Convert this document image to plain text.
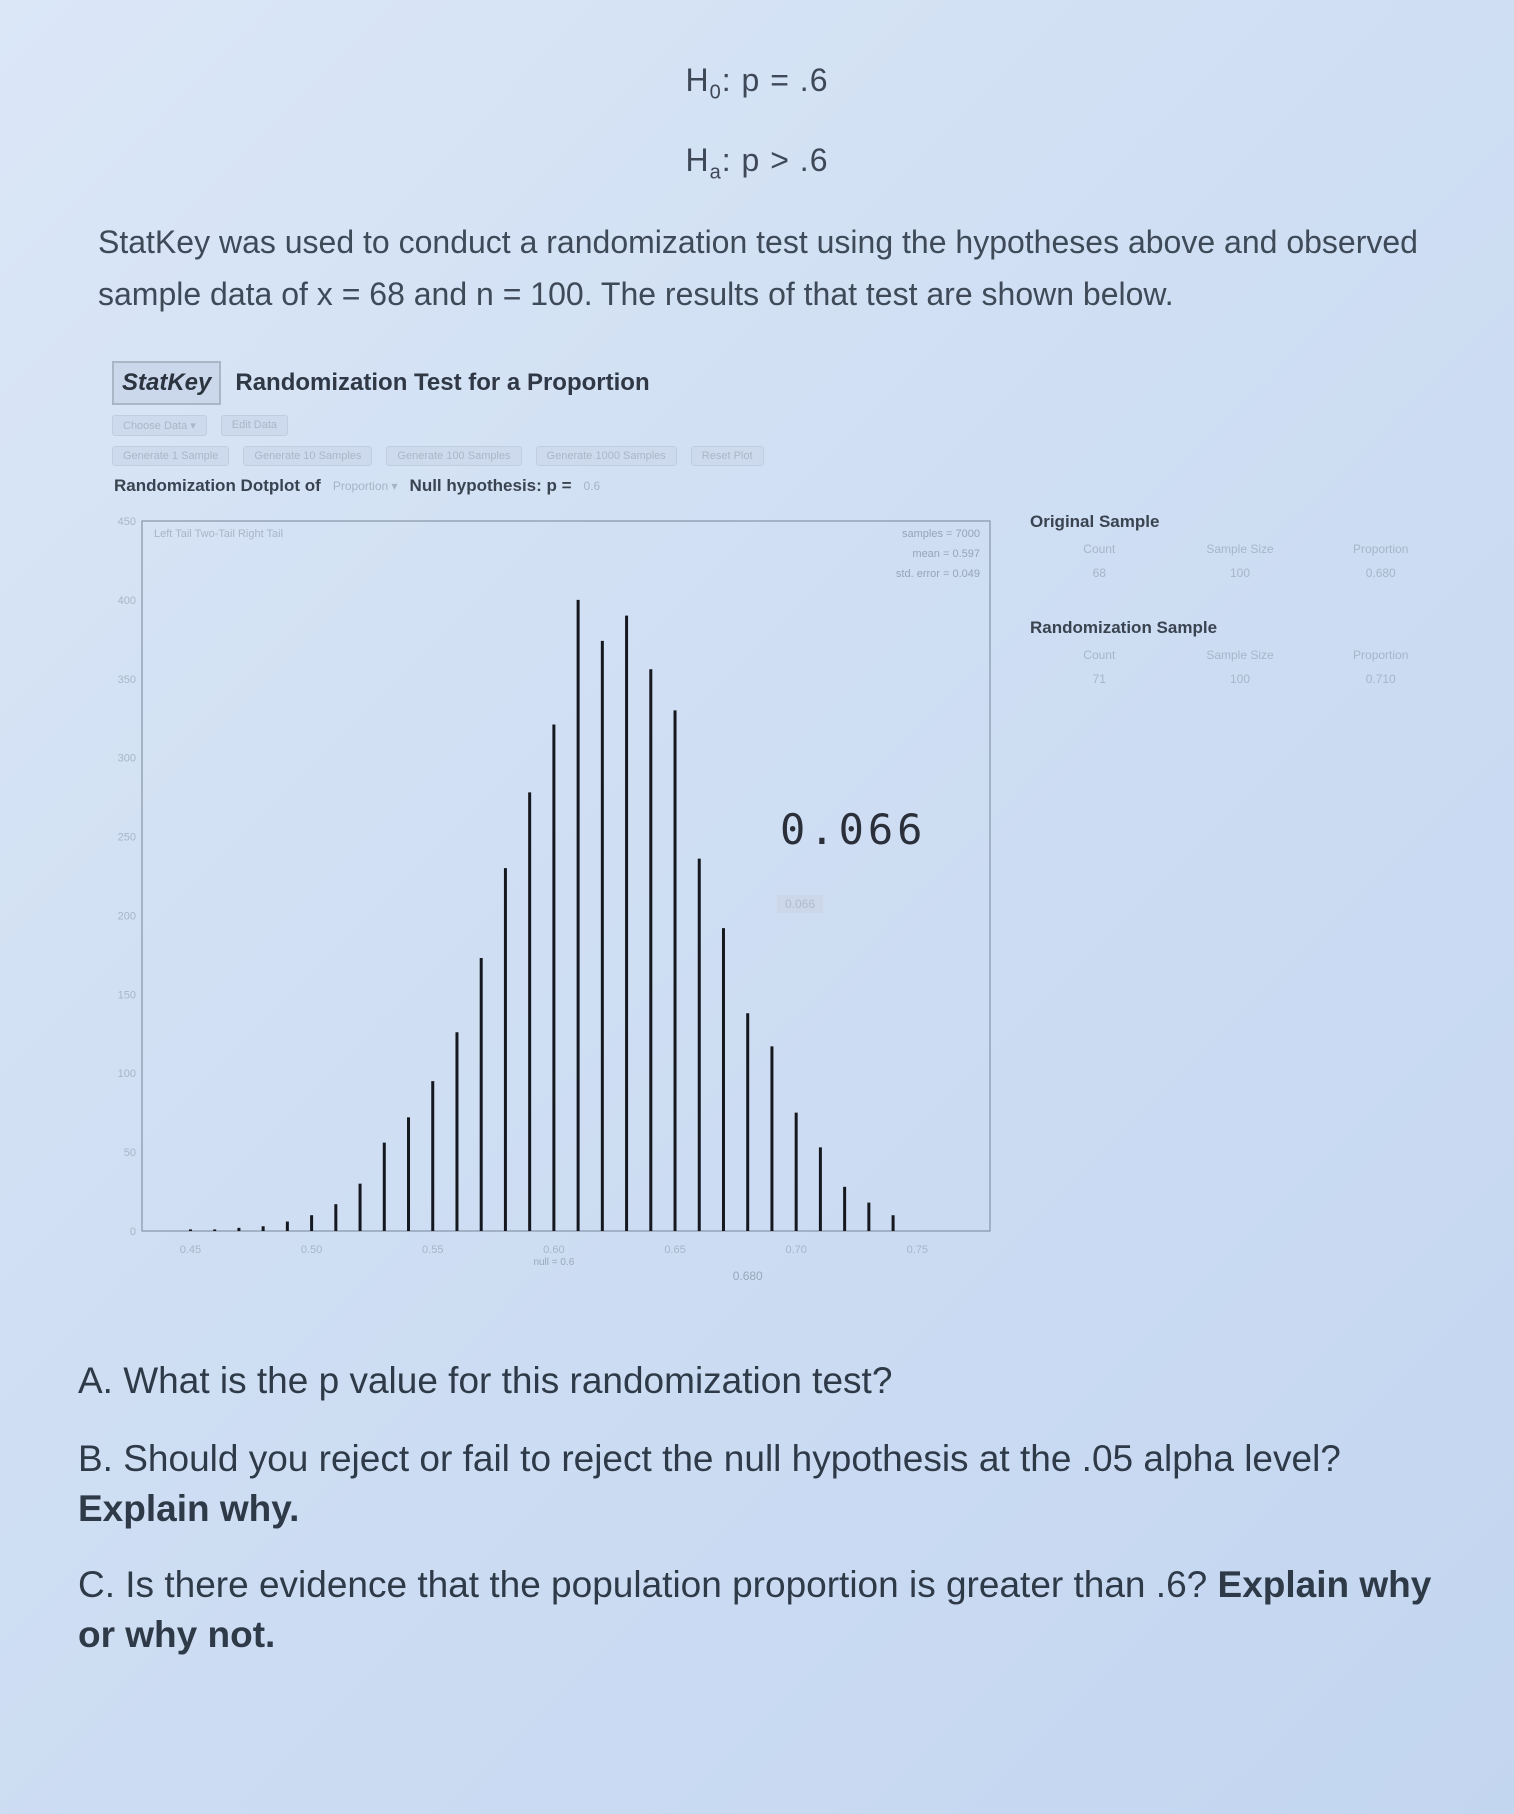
$H_0$: p = .6
$H_a$: p > .6
StatKey was used to conduct a randomization test using the hypotheses above and observed sample data of x = 68 and n = 100. The results of that test are shown below.
StatKey	Randomization Test for a Proportion
Choose Data ▾	Edit Data
Generate 1 Sample	Generate 10 Samples	Generate 100 Samples	Generate 1000 Samples	Reset Plot
Randomization Dotplot of Proportion ▾ Null hypothesis: p = 0.6
0
50
100
150
200
250
300
350
400
450
0.45	0.50	0.55	0.60	0.65	0.70	0.75
Left Tail Two-Tail Right Tail	samples = 7000
mean = 0.597
std. error = 0.049
null = 0.6
0.680
Original Sample
Count	Sample Size	Proportion
68	100	0.680
Randomization Sample
Count	Sample Size	Proportion
71	100	0.710
0.066
0.066
A. What is the p value for this randomization test?
B. Should you reject or fail to reject the null hypothesis at the .05 alpha level? Explain why.
C. Is there evidence that the population proportion is greater than .6? Explain why or why not.
